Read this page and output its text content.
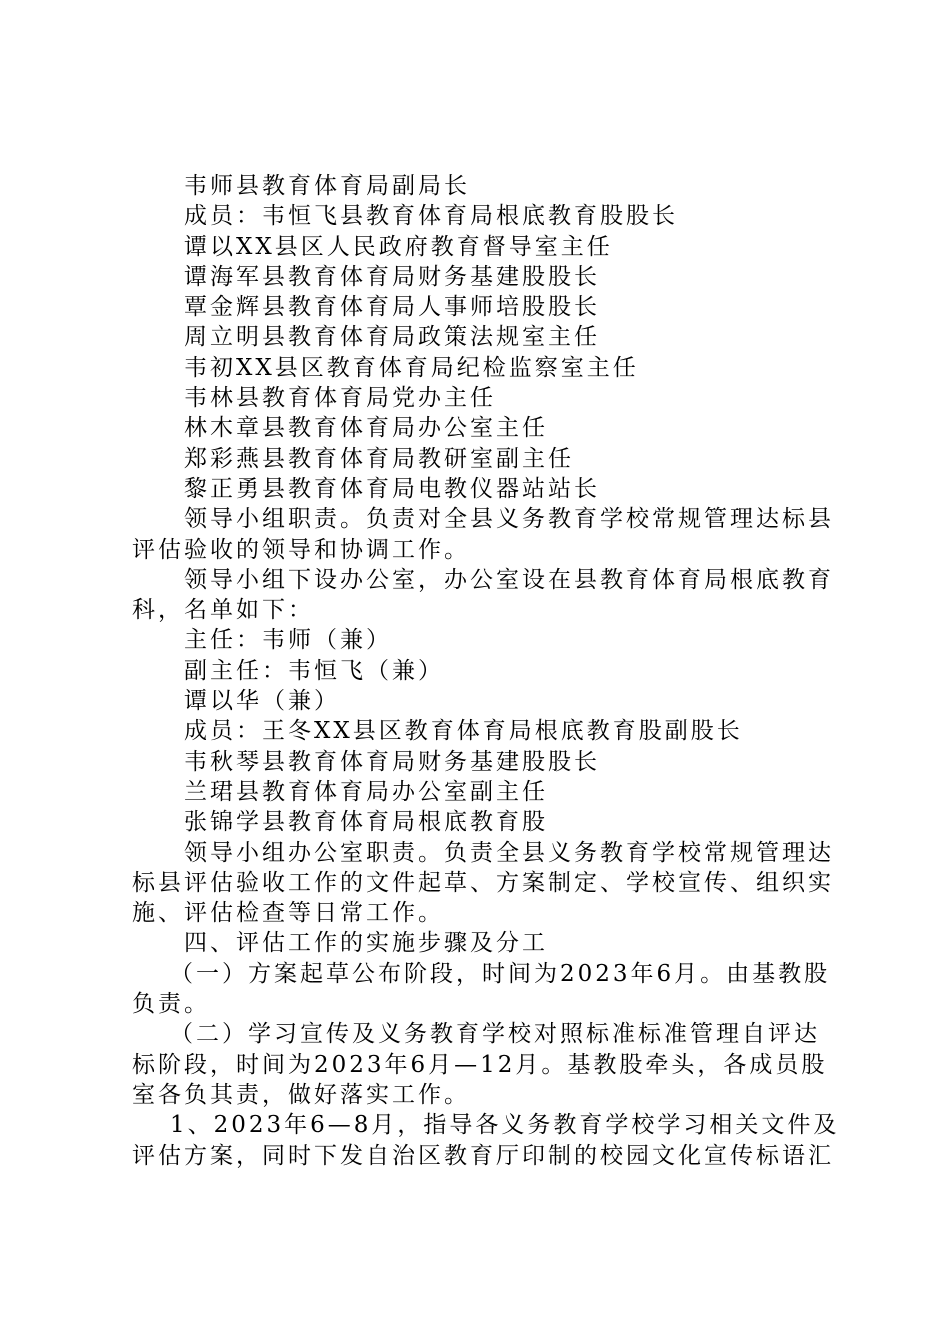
韦师县教育体育局副局长

成员：韦恒飞县教育体育局根底教育股股长

谭以XX县区人民政府教育督导室主任

谭海军县教育体育局财务基建股股长

覃金辉县教育体育局人事师培股股长

周立明县教育体育局政策法规室主任

韦初XX县区教育体育局纪检监察室主任

韦林县教育体育局党办主任

林木章县教育体育局办公室主任

郑彩燕县教育体育局教研室副主任

黎正勇县教育体育局电教仪器站站长

领导小组职责。负责对全县义务教育学校常规管理达标县
评估验收的领导和协调工作。

领导小组下设办公室，办公室设在县教育体育局根底教育
科，名单如下：

主任：韦师（兼）

副主任：韦恒飞（兼）

谭以华（兼）

成员：王冬XX县区教育体育局根底教育股副股长

韦秋琴县教育体育局财务基建股股长

兰珺县教育体育局办公室副主任

张锦学县教育体育局根底教育股

领导小组办公室职责。负责全县义务教育学校常规管理达
标县评估验收工作的文件起草、方案制定、学校宣传、组织实
施、评估检查等日常工作。

四、评估工作的实施步骤及分工

（一）方案起草公布阶段，时间为2023年6月。由基教股
负责。

（二）学习宣传及义务教育学校对照标准标准管理自评达
标阶段，时间为2023年6月—12月。基教股牵头，各成员股
室各负其责，做好落实工作。

1、2023年6—8月，指导各义务教育学校学习相关文件及
评估方案，同时下发自治区教育厅印制的校园文化宣传标语汇
